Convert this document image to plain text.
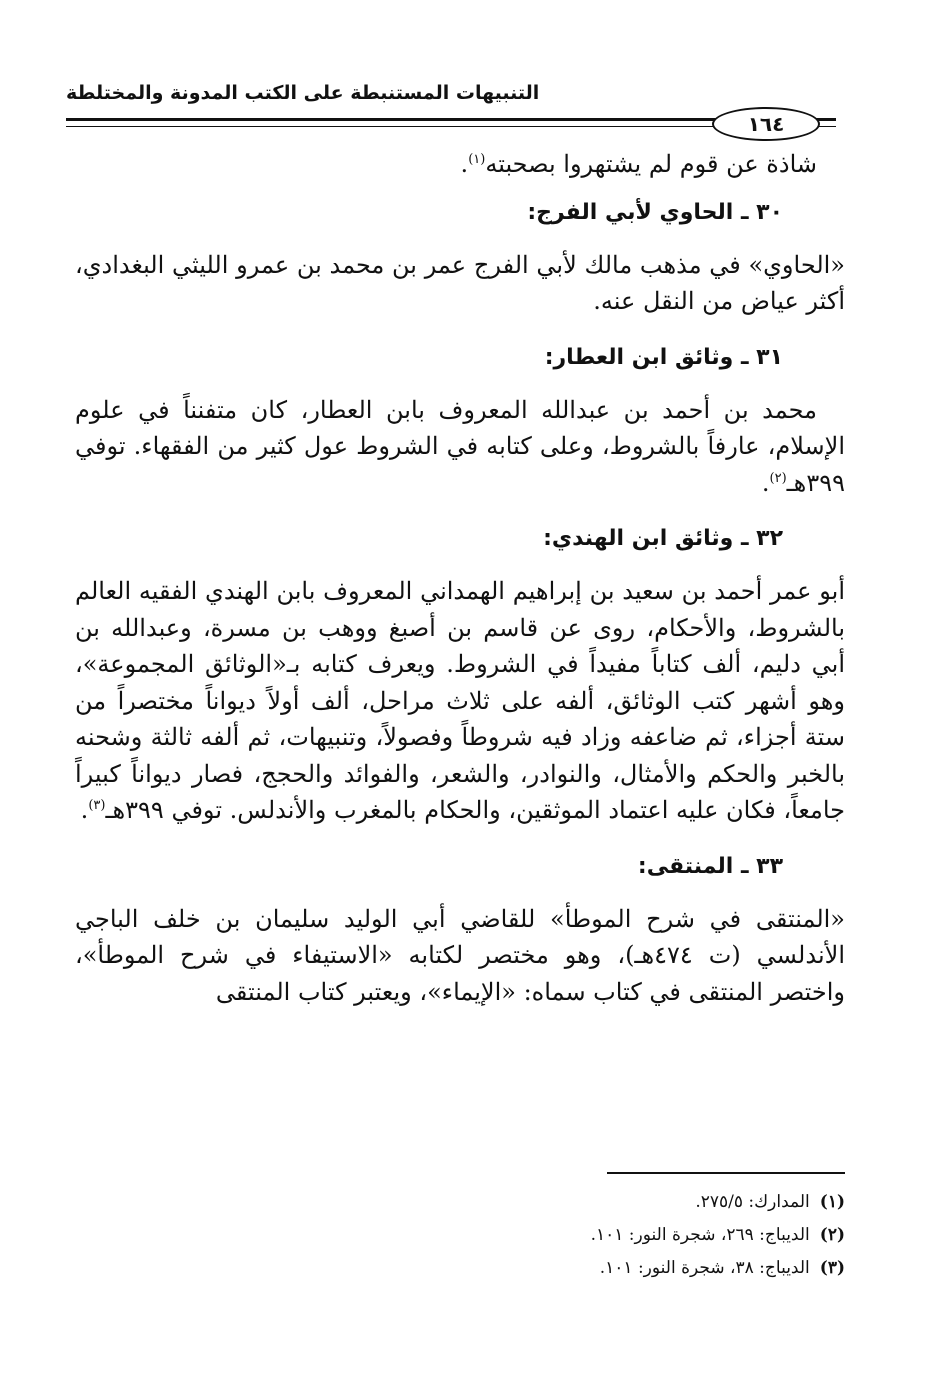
التنبيهات المستنبطة على الكتب المدونة والمختلطة
١٦٤

شاذة عن قوم لم يشتهروا بصحبته$^{(١)}$.

٣٠ ـ الحاوي لأبي الفرج:

«الحاوي» في مذهب مالك لأبي الفرج عمر بن محمد بن عمرو الليثي البغدادي، أكثر عياض من النقل عنه.

٣١ ـ وثائق ابن العطار:

محمد بن أحمد بن عبدالله المعروف بابن العطار، كان متفنناً في علوم الإسلام، عارفاً بالشروط، وعلى كتابه في الشروط عول كثير من الفقهاء. توفي ٣٩٩هـ$^{(٢)}$.

٣٢ ـ وثائق ابن الهندي:

أبو عمر أحمد بن سعيد بن إبراهيم الهمداني المعروف بابن الهندي الفقيه العالم بالشروط، والأحكام، روى عن قاسم بن أصبغ ووهب بن مسرة، وعبدالله بن أبي دليم، ألف كتاباً مفيداً في الشروط. ويعرف كتابه بـ«الوثائق المجموعة»، وهو أشهر كتب الوثائق، ألفه على ثلاث مراحل، ألف أولاً ديواناً مختصراً من ستة أجزاء، ثم ضاعفه وزاد فيه شروطاً وفصولاً، وتنبيهات، ثم ألفه ثالثة وشحنه بالخبر والحكم والأمثال، والنوادر، والشعر، والفوائد والحجج، فصار ديواناً كبيراً جامعاً، فكان عليه اعتماد الموثقين، والحكام بالمغرب والأندلس. توفي ٣٩٩هـ$^{(٣)}$.

٣٣ ـ المنتقى:

«المنتقى في شرح الموطأ» للقاضي أبي الوليد سليمان بن خلف الباجي الأندلسي (ت ٤٧٤هـ)، وهو مختصر لكتابه «الاستيفاء في شرح الموطأ»، واختصر المنتقى في كتاب سماه: «الإيماء»، ويعتبر كتاب المنتقى

(١)المدارك: ٢٧٥/٥.

(٢)الديباج: ٢٦٩، شجرة النور: ١٠١.

(٣)الديباج: ٣٨، شجرة النور: ١٠١.
